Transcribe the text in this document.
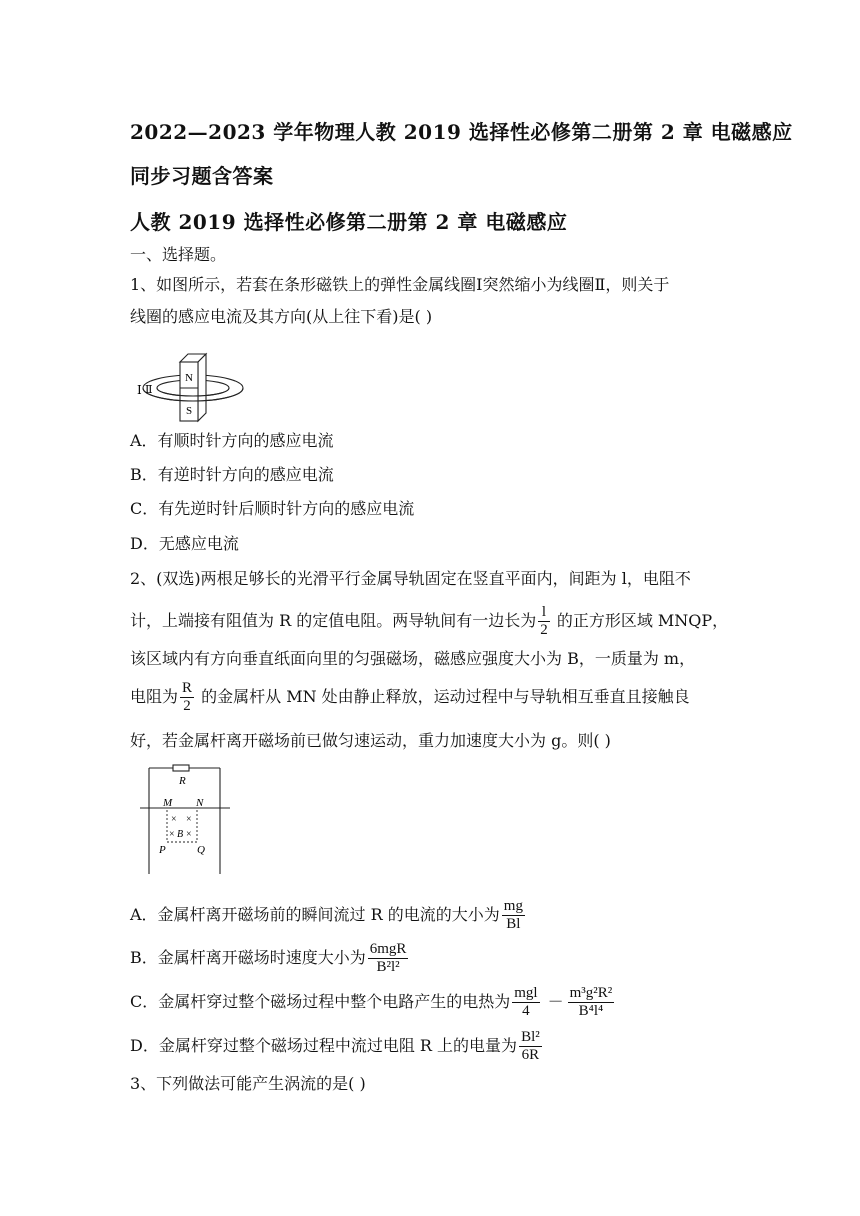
2022—2023 学年物理人教 2019 选择性必修第二册第 2 章 电磁感应
同步习题含答案
人教 2019 选择性必修第二册第 2 章 电磁感应
一、选择题。
1、如图所示，若套在条形磁铁上的弹性金属线圈Ⅰ突然缩小为线圈Ⅱ，则关于
线圈的感应电流及其方向(从上往下看)是( )
N
S
Ⅰ Ⅱ
A．有顺时针方向的感应电流
B．有逆时针方向的感应电流
C．有先逆时针后顺时针方向的感应电流
D．无感应电流
2、(双选)两根足够长的光滑平行金属导轨固定在竖直平面内，间距为 l，电阻不
计，上端接有阻值为 R 的定值电阻。两导轨间有一边长为 $\frac{l}{2}$ 的正方形区域 MNQP，
该区域内有方向垂直纸面向里的匀强磁场，磁感应强度大小为 B，一质量为 m，
电阻为 $\frac{R}{2}$ 的金属杆从 MN 处由静止释放，运动过程中与导轨相互垂直且接触良
好，若金属杆离开磁场前已做匀速运动，重力加速度大小为 g。则( )
R
M N
P	Q
× ×
× B ×
A．金属杆离开磁场前的瞬间流过 R 的电流的大小为 $\frac{mg}{Bl}$
B．金属杆离开磁场时速度大小为 $\frac{\text{6mgR}}{\text{B²l²}}$
C．金属杆穿过整个磁场过程中整个电路产生的电热为 $\frac{\text{mgl}}{4} - \frac{\text{m³g²R²}}{\text{B⁴l⁴}}$
D．金属杆穿过整个磁场过程中流过电阻 R 上的电量为 $\frac{\text{Bl²}}{6R}$
3、下列做法可能产生涡流的是( )
